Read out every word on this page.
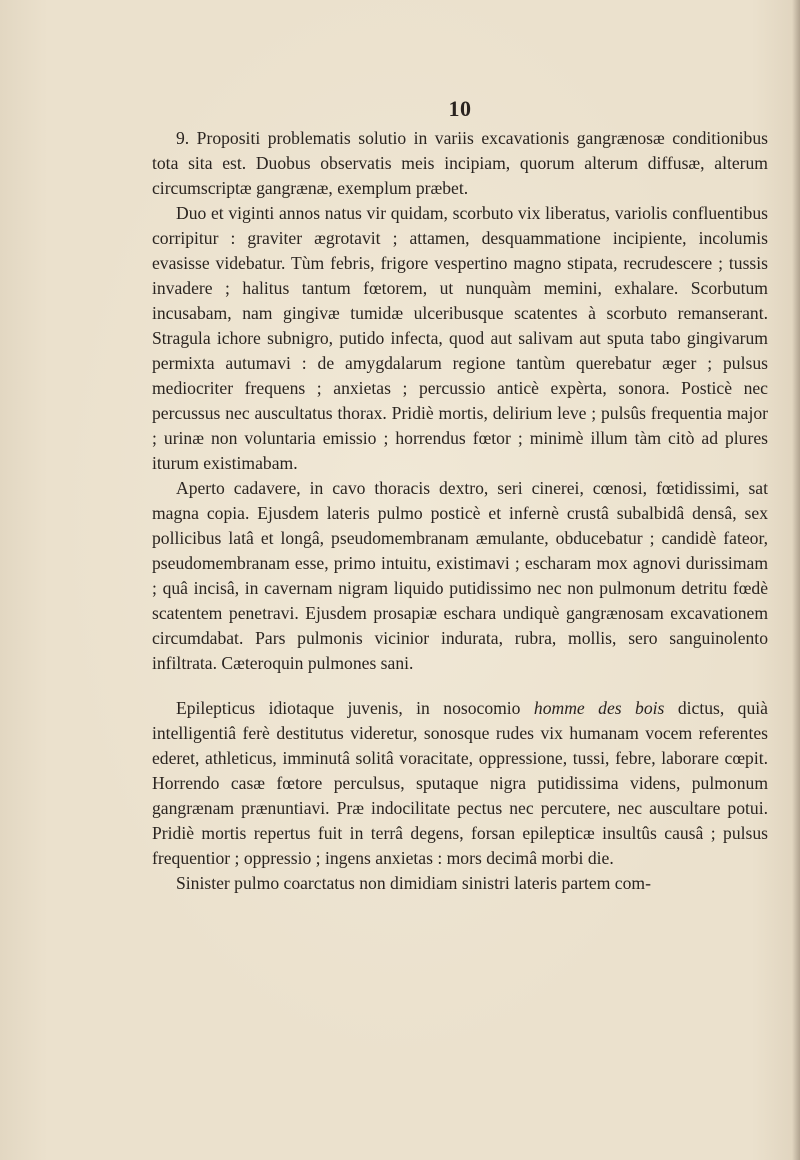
10

9. Propositi problematis solutio in variis excavationis gangrænosæ conditionibus tota sita est. Duobus observatis meis incipiam, quorum alterum diffusæ, alterum circumscriptæ gangrænæ, exemplum præbet.

Duo et viginti annos natus vir quidam, scorbuto vix liberatus, variolis confluentibus corripitur : graviter ægrotavit ; attamen, desquammatione incipiente, incolumis evasisse videbatur. Tùm febris, frigore vespertino magno stipata, recrudescere ; tussis invadere ; halitus tantum fœtorem, ut nunquàm memini, exhalare. Scorbutum incusabam, nam gingivæ tumidæ ulceribusque scatentes à scorbuto remanserant. Stragula ichore subnigro, putido infecta, quod aut salivam aut sputa tabo gingivarum permixta autumavi : de amygdalarum regione tantùm querebatur æger ; pulsus mediocriter frequens ; anxietas ; percussio anticè expèrta, sonora. Posticè nec percussus nec auscultatus thorax. Pridiè mortis, delirium leve ; pulsûs frequentia major ; urinæ non voluntaria emissio ; horrendus fœtor ; minimè illum tàm citò ad plures iturum existimabam.

Aperto cadavere, in cavo thoracis dextro, seri cinerei, cœnosi, fœtidissimi, sat magna copia. Ejusdem lateris pulmo posticè et infernè crustâ subalbidâ densâ, sex pollicibus latâ et longâ, pseudomembranam æmulante, obducebatur ; candidè fateor, pseudomembranam esse, primo intuitu, existimavi ; escharam mox agnovi durissimam ; quâ incisâ, in cavernam nigram liquido putidissimo nec non pulmonum detritu fœdè scatentem penetravi. Ejusdem prosapiæ eschara undiquè gangrænosam excavationem circumdabat. Pars pulmonis vicinior indurata, rubra, mollis, sero sanguinolento infiltrata. Cæteroquin pulmones sani.

Epilepticus idiotaque juvenis, in nosocomio homme des bois dictus, quià intelligentiâ ferè destitutus videretur, sonosque rudes vix humanam vocem referentes ederet, athleticus, imminutâ solitâ voracitate, oppressione, tussi, febre, laborare cœpit. Horrendo casæ fœtore perculsus, sputaque nigra putidissima videns, pulmonum gangrænam prænuntiavi. Præ indocilitate pectus nec percutere, nec auscultare potui. Pridiè mortis repertus fuit in terrâ degens, forsan epilepticæ insultûs causâ ; pulsus frequentior ; oppressio ; ingens anxietas : mors decimâ morbi die.

Sinister pulmo coarctatus non dimidiam sinistri lateris partem com-
